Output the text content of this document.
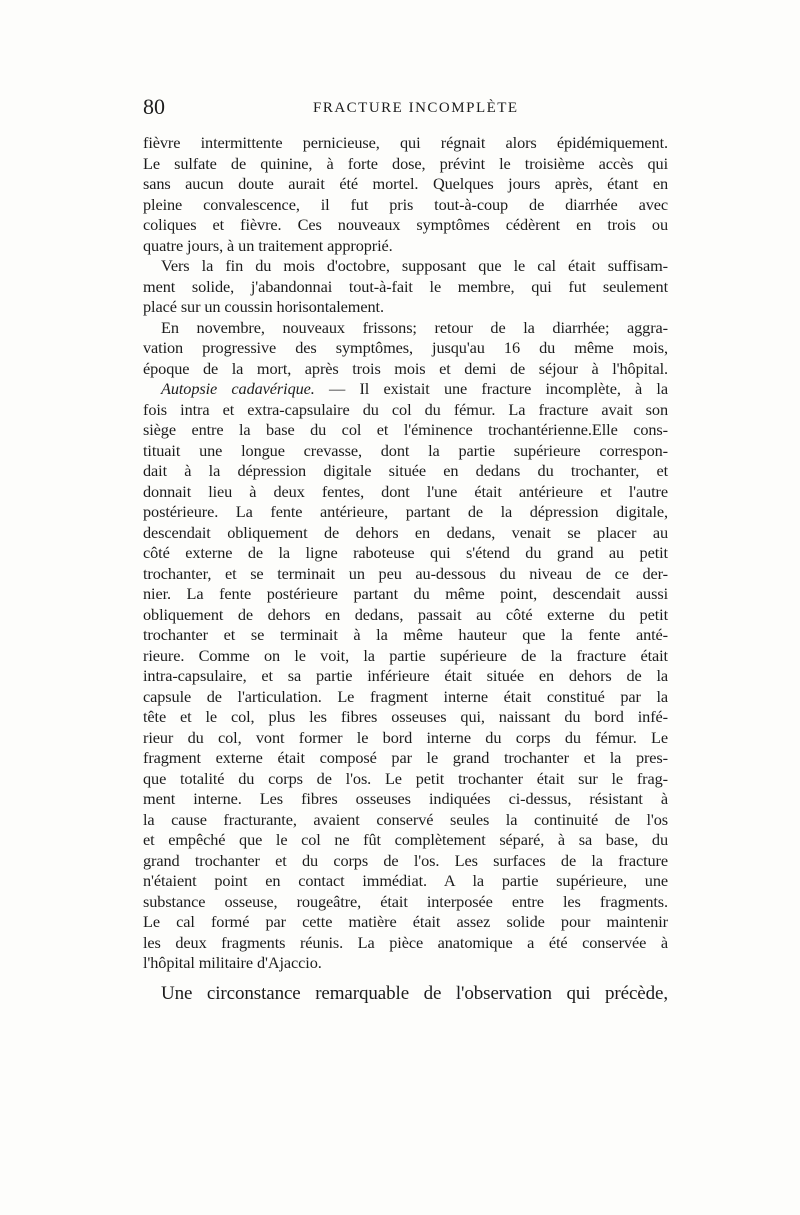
80	FRACTURE INCOMPLÈTE
fièvre intermittente pernicieuse, qui régnait alors épidémiquement.
Le sulfate de quinine, à forte dose, prévint le troisième accès qui
sans aucun doute aurait été mortel. Quelques jours après, étant en
pleine convalescence, il fut pris tout-à-coup de diarrhée avec
coliques et fièvre. Ces nouveaux symptômes cédèrent en trois ou
quatre jours, à un traitement approprié.
Vers la fin du mois d'octobre, supposant que le cal était suffisam-
ment solide, j'abandonnai tout-à-fait le membre, qui fut seulement
placé sur un coussin horisontalement.
En novembre, nouveaux frissons; retour de la diarrhée; aggra-
vation progressive des symptômes, jusqu'au 16 du même mois,
époque de la mort, après trois mois et demi de séjour à l'hôpital.
Autopsie cadavérique. — Il existait une fracture incomplète, à la
fois intra et extra-capsulaire du col du fémur. La fracture avait son
siège entre la base du col et l'éminence trochantérienne.Elle cons-
tituait une longue crevasse, dont la partie supérieure correspon-
dait à la dépression digitale située en dedans du trochanter, et
donnait lieu à deux fentes, dont l'une était antérieure et l'autre
postérieure. La fente antérieure, partant de la dépression digitale,
descendait obliquement de dehors en dedans, venait se placer au
côté externe de la ligne raboteuse qui s'étend du grand au petit
trochanter, et se terminait un peu au-dessous du niveau de ce der-
nier. La fente postérieure partant du même point, descendait aussi
obliquement de dehors en dedans, passait au côté externe du petit
trochanter et se terminait à la même hauteur que la fente anté-
rieure. Comme on le voit, la partie supérieure de la fracture était
intra-capsulaire, et sa partie inférieure était située en dehors de la
capsule de l'articulation. Le fragment interne était constitué par la
tête et le col, plus les fibres osseuses qui, naissant du bord infé-
rieur du col, vont former le bord interne du corps du fémur. Le
fragment externe était composé par le grand trochanter et la pres-
que totalité du corps de l'os. Le petit trochanter était sur le frag-
ment interne. Les fibres osseuses indiquées ci-dessus, résistant à
la cause fracturante, avaient conservé seules la continuité de l'os
et empêché que le col ne fût complètement séparé, à sa base, du
grand trochanter et du corps de l'os. Les surfaces de la fracture
n'étaient point en contact immédiat. A la partie supérieure, une
substance osseuse, rougeâtre, était interposée entre les fragments.
Le cal formé par cette matière était assez solide pour maintenir
les deux fragments réunis. La pièce anatomique a été conservée à
l'hôpital militaire d'Ajaccio.
Une circonstance remarquable de l'observation qui précède,
